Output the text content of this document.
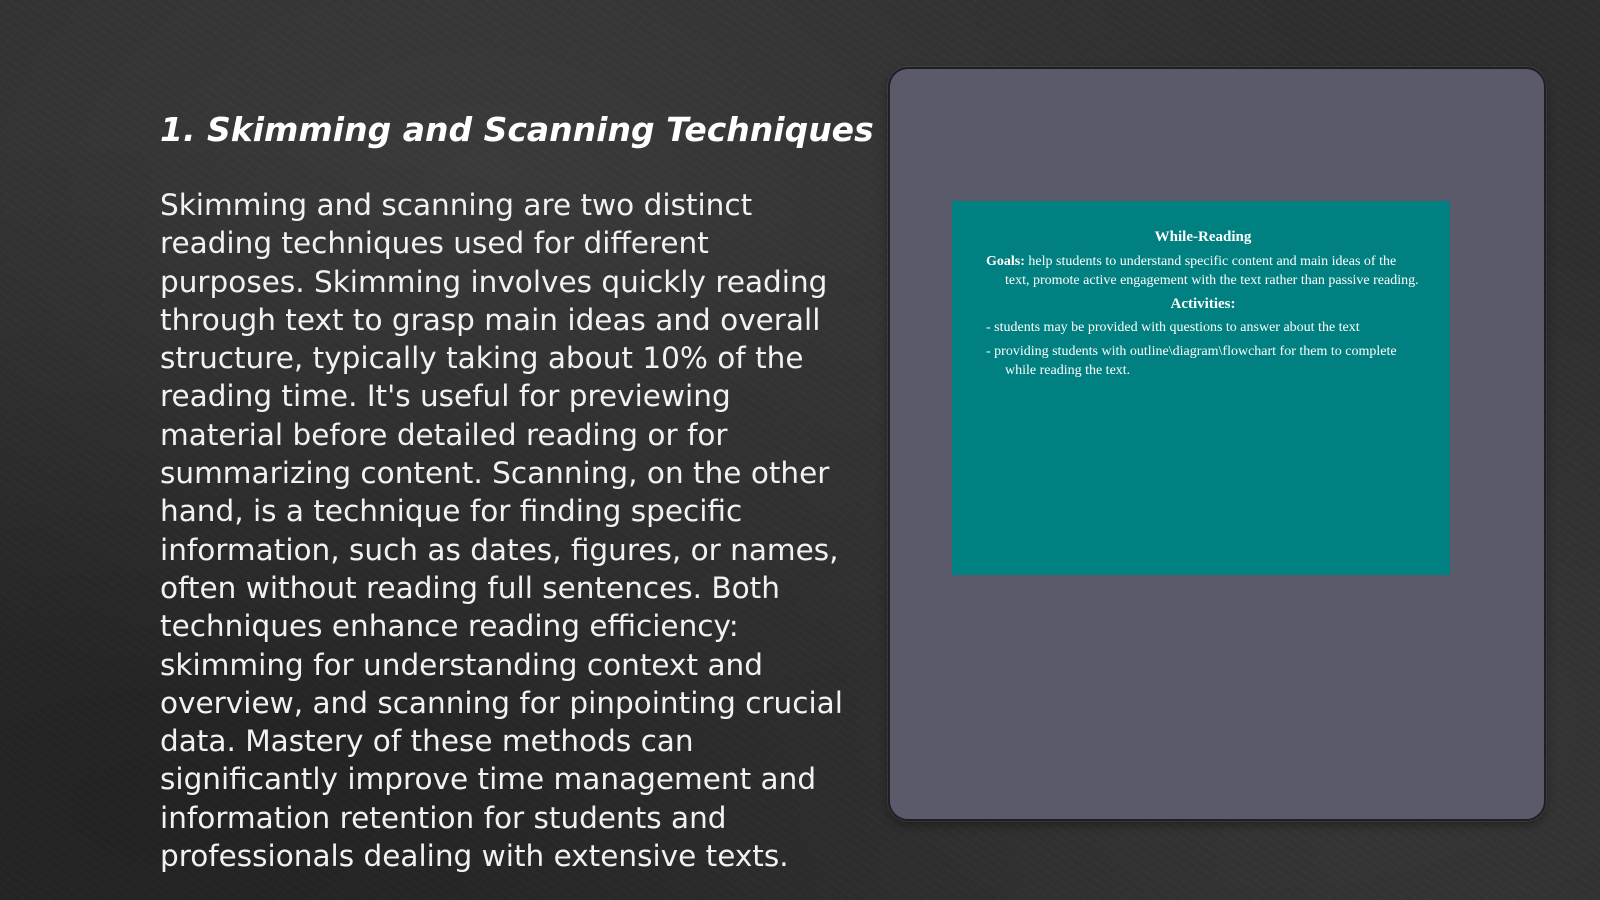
1. Skimming and Scanning Techniques

Skimming and scanning are two distinct reading techniques used for different purposes. Skimming involves quickly reading through text to grasp main ideas and overall structure, typically taking about 10% of the reading time. It's useful for previewing material before detailed reading or for summarizing content. Scanning, on the other hand, is a technique for finding specific information, such as dates, figures, or names, often without reading full sentences. Both techniques enhance reading efficiency: skimming for understanding context and overview, and scanning for pinpointing crucial data. Mastery of these methods can significantly improve time management and information retention for students and professionals dealing with extensive texts.

While-Reading

Goals: help students to understand specific content and main ideas of the text, promote active engagement with the text rather than passive reading.

Activities:
- students may be provided with questions to answer about the text
- providing students with outline\diagram\flowchart for them to complete while reading the text.
